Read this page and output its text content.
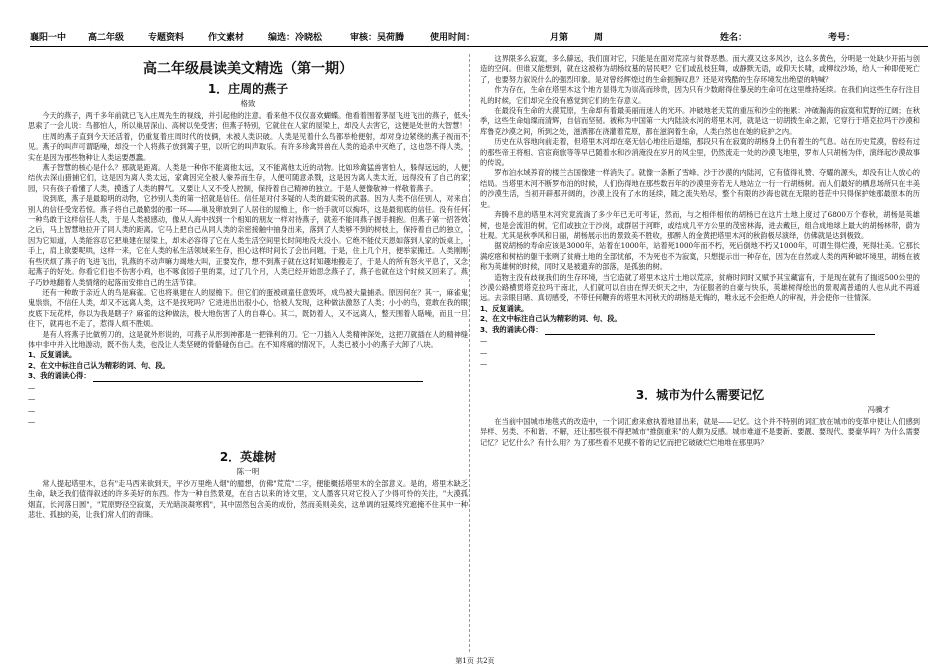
襄阳一中 高二年级	专题资料	作文素材	编选：冷晓松	审核：吴荷腾	使用时间：	月第	周	姓名：	考号：
高二年级晨读美文精选（第一期）
1．庄周的燕子
格致

今天的燕子，两千多年前就已飞入庄周先生的视线，并引起他的注意。看来他不仅仅喜欢蝴蝶。他看着围着茅屋飞进飞出的燕子，低头思索了一会儿说：鸟都怕人，所以巢居深山、高树以免受害；但燕子特别，它就住在人家的屋梁上，却没人去害它，这便是处世的大智慧！

庄周的燕子直到今天还活着，仍重复着庄周时代的伎俩，未被人类识破。人类是见着什么鸟都举枪便射，却对身边紧绕的燕子视而不见。燕子的叫声可谓聒噪，却没一个人将燕子放到篱子里，以听它的叫声取乐。有许多珍禽异兽在人类的追杀中灭绝了，这也怨不得人类，实在是因为那些物种让人类运要愚蠢。

燕子智慧的核心是什么？那就是距离。人类是一种你不能离他太远，又不能离他太近的动物。比如珍禽猛兽害怕人，躲得远远的，人便结伙去深山猎捕它们，这是因为离人类太远，家禽因完全被人豢养而生存，人便可随意杀戮，这是因为离人类太近，远得没有了自己的家园，只有孩子看懂了人类，摸透了人类的脾气。又要让人又不受人控制，保持着自己精神的独立。于是人便像敬神一样敬着燕子。

说到底，燕子是最聪明的动物，它抄别人类的第一招就是信任。信任是对付多疑的人类的最实锐的武器。因为人类不信任别人，对来自别人的信任受宠若惊。燕子将自己最脆弱的那一环——巢及卵放到了人居住的屋檐上，你一抬手就可以掏坏，这是最彻底的信任。没有任何一种鸟敢于这样信任人类，于是人类被感动，像从人海中找到一个相知的朋友一样对待燕子，就差不能同燕子握手拥抱。但燕子第一招答效之后，马上智慧地拉开了同人类的距离。它马上把自己从同人类的亲密接触中抽身出来，落到了人类够不到的树枝上，保持着自己的独立，因为它知道，人类能容忍它把巢建在屋梁上，却未必容得了它在人类生活空间里长时间地没大没小。它绝不能仗天恩如落到人家的饭桌上，手上，肩上欲要呢哄，这样一来，它在人类的私生活领域来生存，担心这样时间长了会出问题，于是，住上几个月，便举家搬迁。人类刚刚有些厌烦了燕子的飞进飞出，乳燕的不动声嘛力竭地大叫，正要发作，想不到燕子就在这时知趣地搬走了，于是人的所有怒火平息了，又念起燕子的好处。你看它们也不伤害小鸡，也不啄食园子里的菜，过了几个月，人类已经开始思念燕子了，燕子也就在这个时候又回来了。燕子巧妙地翻着人类情绪的起落而安排自己的生活节律。

还有一种敢于亲近人的鸟是麻雀。它也将巢建在人的屋檐下。但它们的蛋被顽童任意毁坏，成鸟被大量捕杀。原因何在？其一，麻雀鬼鬼祟祟，不信任人类，却又不远离人类，这不是找死吗？它进进出出很小心，恰被人发现，这种做法激怒了人类；小小的鸟，竟敢在我的眼皮底下玩花样，你以为我是瞎子？麻雀的这种做法，极大地伤害了人的自尊心。其二，既防着人，又不远离人，整天围着人聒噪，而且一旦住下，就再也不走了，惹得人烦不胜烦。

是有人将燕子比做剪刀的，这是就外形说的，可燕子从形到神都是一把锋利的刀。它一刀插入人类精神深处，这把刀就插在人的精神缝体中非中并入比地游动，既不伤人类，也没让人类坚硬的骨骼碰伤自己。在不知疼痛的情况下，人类已被小小的燕子大卸了八块。

1、反复诵读。
2、在文中标注自己认为精彩的词、句、段。
3、我的诵读心得：
—
—
—
—
2．英雄树
陈一明

常人提起塔里木，总有"走马西来欲到天，平沙万里绝人烟"的臆想，仿佛"荒荒"二字，便能概括塔里木的全部意义。是的，塔里木缺乏生命，缺乏我们值得叙述的许多美好的东西。作为一种自然景观，在自古以来的诗文里，文人墨客只对它投入了少得可怜的关注，"大漠孤烟直，长河落日圆"，"荒原野径空寂寞，天光暗淡凝寒鸦"，其中固然包含美的成份，然而美则美矣，这单调的冠冕终究遮掩不住其中一种悲壮、孤独的美，让我们常人们的青睐。

这界限多么寂寞，多么僻远，我们面对它，只能是在面对荒凉与贫脊恶愚。而大漠又这多风沙，这么多黄色，分明是一处缺少开拓与创造的空间。但谁又能想到，就在这被称为胡杨纹墓的居民吧？它们或乱枝狂舞，或静默无语，或仰天长啸，或柳纹沙场，给人一种即使死亡了，也要努力叙说什么的强烈印象。是对曾经辉煌过的生命扼腕叹息？还是对残酷的生存环境发出绝望的呐喊？

作为存在，生命在塔里木这个地方显得尤为崇高而珍贵，因为只有少数耐得住暴戾的生命可在这里维持延续。在我们向这些生存行注目礼的时候，它们却完全没有感觉到它们的生存意义。

在最没有生命的大漠荒原，生命却有着最美丽而迷人的光环。冲破地老天荒的重压和沙尘的拖累：冲破瀚海的寂寞和荒野的辽阔；在秋季，这些生命灿璨而清辉，自信而坚韧。被称为中国第一大内陆淡水河的塔里木河，就是这一切胡拨生命之源，它穿行于塔克拉玛干沙漠和库鲁克沙漠之间，所到之处，滋洒都在浇灌着荒原，都在滋润着生命，人类白然也在她的庇护之内。

历史在从容地向前走着，但塔里木河却在亳无信心地往后退缩，那段只有在寂寞的胡杨身上仍有着生的气息。站在历史荒漠，曾经有过的那些帝王将相、官宦商旅等等早已随着水和沙消淹没在岁月的风尘里，仍然流走一处的沙漠飞地里，罗布人只胡杨为伴，演绎起沙漠故事的传说。

罗布泊水域养育的楼兰古国像建一样消失了。就像一条断了雪峰、沙于沙漠的内陆河，它有值得礼赞、夺耀的源头，却没有让人放心的结局。当塔里木河不断罗布泊的时候，人们伤得地在那些数百年的沙漠里旁若无人地站立一行一行胡杨树。而人们最好的栖息场所只在丰美的沙漠生活，当初开辟那开阔的，沙漠上没有了水的延续，随之流失殆尽，整个有限的沙海也就在无限的苍茫中只得保护她那最原本的历史。

奔腾不息的塔里木河究竟流淌了多少年已无可考证，然而，与之相伴相依的胡杨已在这片土地上度过了6800万个春秋，胡杨是英雄树，也是会流泪的树，它们或独立于沙岗，或群居于河畔，或结成几平方公里的茂密林海，进去戴巨，组合成地球上最大的胡杨林带，蔚为壮观。尤其是秋季风和日丽，胡杨展示出的景致美不胜收，那醉人的金黄把塔里木河的秋韵极尽演绎，仿佛就是达到极致。

据说胡杨的寿命应该是3000年，站着在1000年，站着死1000年而不朽，死后倒地不朽又1000年，可谓生得烂漫，死得壮美。它那长满疙瘩和树枯的躯干张咧了贫瘠土地的全部忧郁，不为死也不为寂寞，只想提示出一种存在，因为在自然或人类的两种破坏境里，胡杨在被称为英雄树的时候，同时又是被遗弃的部落，是孤独的树。

造物主没有歧视我们的生存环境，当它造就了塔里木这片土地以荒凉，贫瘠时同时又赋予其宝藏富有，于是现在就有了揣返500公里的沙漠公路横贯塔克拉玛干南北，人们就可以自由在悍天炽天之中，为征服者的自豪与快乐，英雄树得绘出的景观离普通的人也从此不再遥远。去亲眼目睹、真切感受，不带任何鞭弃的塔里木河秋天的胡杨是无悔的，唯永远不会拒绝人的审视，并会使你一往情深。

1、反复诵读。
2、在文中标注自己认为精彩的词、句、段。
3、我的诵读心得：
—
—
—
3．城市为什么需要记忆
冯骥才

在当前中国城市地毯式的改造中，一个词汇愈来愈执着地冒出来，就是——记忆。这个并不特别的词汇放在城市的变革中使让人们感到异样、另类、不和谐、不解，还让那些很不得把城市"推倒重来"的人颇为反感。城市难道不是要新、要靓、要现代、要豪华吗？为什么需要记忆？记忆什么？有什么用？为了那些看不见摸不着的记忆而把它破破烂烂地堆在那里吗？

第1页 共2页
